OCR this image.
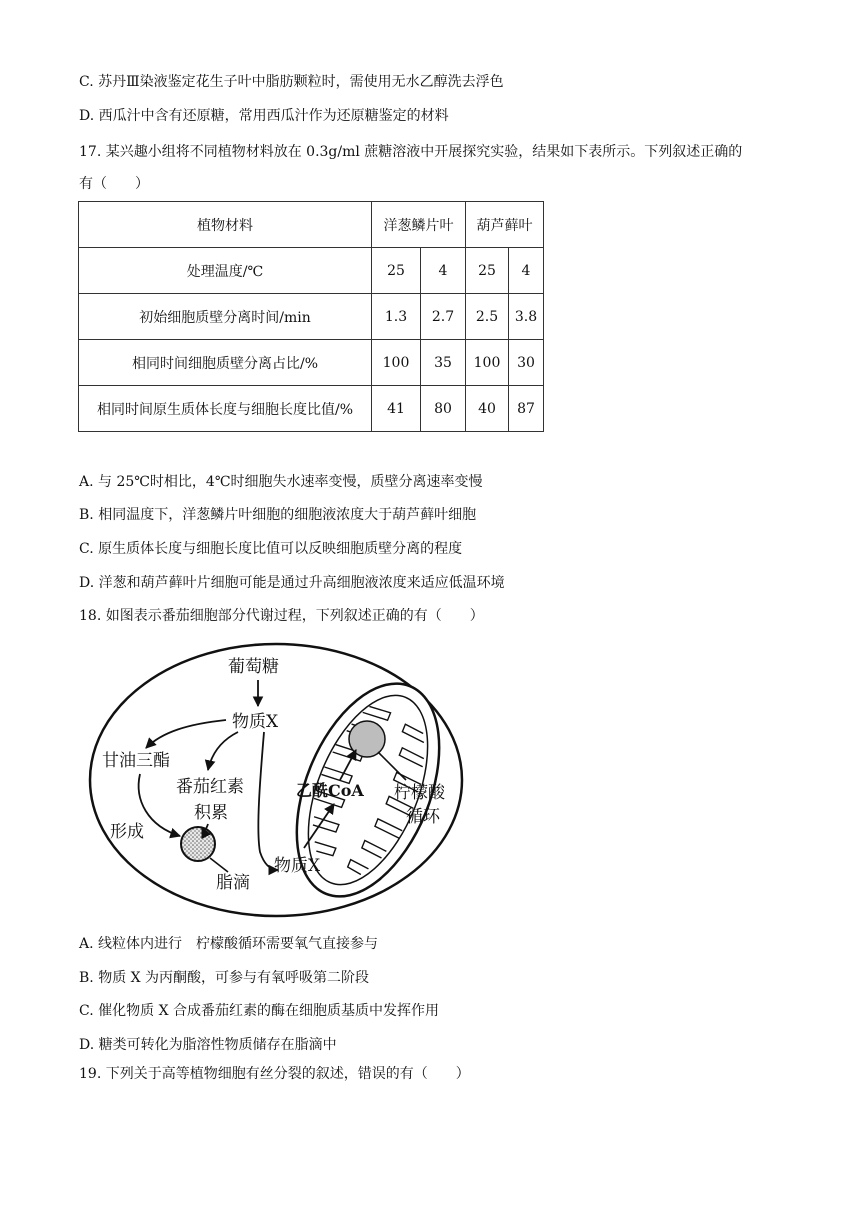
C. 苏丹Ⅲ染液鉴定花生子叶中脂肪颗粒时，需使用无水乙醇洗去浮色
D. 西瓜汁中含有还原糖，常用西瓜汁作为还原糖鉴定的材料
17. 某兴趣小组将不同植物材料放在 0.3g/ml 蔗糖溶液中开展探究实验，结果如下表所示。下列叙述正确的
有（　　）
植物材料	洋葱鳞片叶		葫芦藓叶	
处理温度/℃	25	4	25	4
初始细胞质壁分离时间/min	1.3	2.7	2.5	3.8
相同时间细胞质壁分离占比/%	100	35	100	30
相同时间原生质体长度与细胞长度比值/%	41	80	40	87
A. 与 25℃时相比，4℃时细胞失水速率变慢，质壁分离速率变慢
B. 相同温度下，洋葱鳞片叶细胞的细胞液浓度大于葫芦藓叶细胞
C. 原生质体长度与细胞长度比值可以反映细胞质壁分离的程度
D. 洋葱和葫芦藓叶片细胞可能是通过升高细胞液浓度来适应低温环境
18. 如图表示番茄细胞部分代谢过程，下列叙述正确的有（　　）
葡萄糖
物质X
甘油三酯
番茄红素
积累
形成
脂滴
乙酰CoA 柠檬酸
循环
物质X
A. 线粒体内进行　柠檬酸循环需要氧气直接参与
B. 物质 X 为丙酮酸，可参与有氧呼吸第二阶段
C. 催化物质 X 合成番茄红素的酶在细胞质基质中发挥作用
D. 糖类可转化为脂溶性物质储存在脂滴中
19. 下列关于高等植物细胞有丝分裂的叙述，错误的有（　　）
